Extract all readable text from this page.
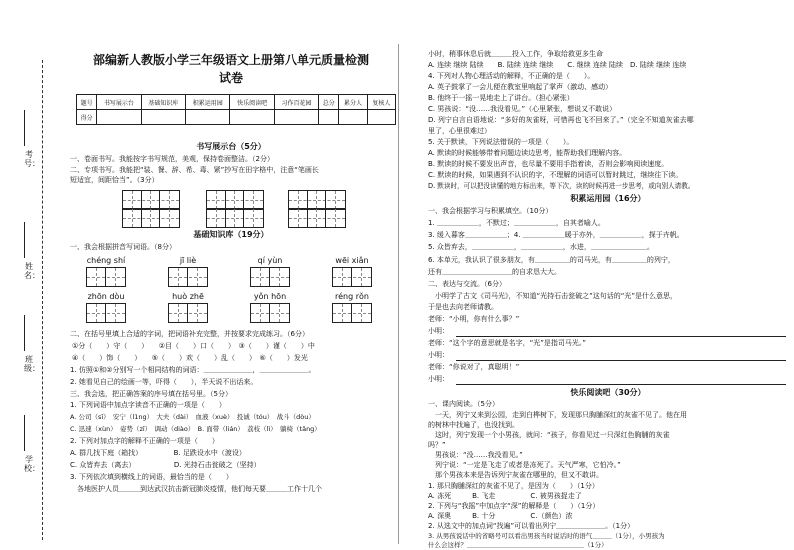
考号：
姓名：
班级：
学校：
部编新人教版小学三年级语文上册第八单元质量检测
试卷
题号	书写展示台	基础知识库	积累运用园	快乐阅读吧	习作百花园	总分	累分人	复核人
得分								
书写展示台（5分）
一、卷面书写。我能按字书写规范，美观，保持卷面整洁。（2分）
二、专项书写。我能把“装、餐、辞、希、毒、紧”抄写在田字格中，注意“笔画长
短适宜，间距恰当”。（3分）
基础知识库（19分）
一、我会根据拼音写词语。（8分）
chéng shí	jī liè	qí yùn	wēi xiǎn
zhōn dòu	huò zhē	yǒn hōn	réng rǒn
二、在括号里填上合适的字词，把词语补充完整，并按要求完成练习。（6分）
①分（　　）守（　　）　　②目（　　）口（　　）　③（　　）谨（　　）中
④（　　）饰（　　）　　⑤（　　）欢（　　）乱（　　）　⑥（　　）发光
1. 仿照①和②分别写一个相同结构的词语：＿＿＿＿＿＿＿，＿＿＿＿＿＿＿。
2. 她看见自己的绘画一等，吓得（　　），半天说不出话来。
三、我会选，把正确答案的序号填在括号里。（5分）
1. 下列词语中加点字读音不正确的一项是（　　）
A. 公司（sī）　安宁（l1ng）　大夫（dài）　血液（xuè）　投诚（tóu）　战斗（dòu）
C. 迅速（xùn）　姿势（zī）　调动（diào）　B. 面带（lián）　荔枝（lì）　躺椅（tǎng）
2. 下列对加点字的解释不正确的一项是（　　）
A. 群几找下庭（箱找）　　　　　B. 足跌设水中（渡设）
C. 众皆弃去（离去）　　　　　　D. 光持石击瓮破之（坚持）
3. 下列依次填到横线上的词语，最恰当的是（　　）
　各地医护人员＿＿＿到达武汉抗击新冠肺炎疫情，他们每天要＿＿＿工作十几个
小时，稍事休息后就＿＿＿投入工作，争取给救更多生命
A. 连续 继续 陆续　　B. 陆续 连续 继续　　C. 继续 连续 陆续　D. 陆续 继续 连续
4. 下列对人物心理活动的解释，不正确的是（　　）。
A. 英子鼓掌了一会儿便在教室里响起了掌声（激动、感动）
B. 他终于一摇一晃地走上了讲台。（担心紧张）
C. 男孩说：“没……我没看见。”（心里紧张，想说又不敢说）
D. 列宁自言自语地说：“多好的灰雀呀，可惜再也飞不回来了。”（完全不知道灰雀去哪
里了，心里很难过）
5. 关于默读，下列说法错误的一项是（　　）。
A. 默读的时候能够带着问题边读边思考，能帮助我们理解内容。
B. 默读的时候不要发出声音，也尽量不要用手指着读，否则会影响阅读速度。
C. 默读的时候，如果遇到不认识的字，不理解的词语可以暂时跳过，继续往下读。
D. 默读时，可以把没读懂的地方标出来，等下次，读的时候再进一步思考，或向别人请教。
积累运用园（16分）
一、我会根据学习与积累填空。（10分）
1. ＿＿＿＿＿＿，不默过；＿＿＿＿＿＿，自其者喻人。
3. 缓入暮客＿＿＿＿＿＿；4. ＿＿＿＿＿＿暖于亦外，＿＿＿＿＿＿，探于卉帆。
5. 众皆弃去，＿＿＿＿＿＿，＿＿＿＿＿＿，水进，＿＿＿＿＿＿＿＿。
6. 本单元，我认识了很多朋友，有＿＿＿＿＿的司马光，有＿＿＿＿＿的列宁，
还有＿＿＿＿＿＿＿＿＿＿的自求恳大大。
二、表达与交流。（6分）
　小明学了古文《司马光》，不知道“光持石击瓮破之”这句话的“光”是什么意思，
于是也去向老师请教。
老师：“小明，你有什么事？”
小明：
老师：“这个字的意思就是名字，“光”是指司马光。”
小明：
老师：“你说对了，真聪明！”
小明：
快乐阅读吧（30分）
一、课内阅读。（5分）
　一天，列宁又来到公园，走到白桦树下，发现那只胸脯深红的灰雀不见了。他在用
的树林中找遍了，也没找到。
　这时，列宁发现一个小男孩，就问：“孩子，你看见过一只深红色胸脯的灰雀
吗？”
　男孩说：“没……我没看见。”
　列宁说：“一定是飞走了或者是冻死了。天气严寒，它怕冷。”
　那个男孩本来是告诉列宁灰雀在哪里的，但又不敢讲。
1. 那只胸脯深红的灰雀不见了，是因为（　　）（1分）
A. 冻死　　　B. 飞走　　　　　C. 被男孩捉走了
2. 下列与“我摇”中加点字“深”的解释是（　　）（1分）
A. 深奥　　　B. 十分　　　　　C.（颜色）浓
2. 从选文中的加点词“找遍”可以看出列宁＿＿＿＿＿＿＿。（1分）
3. 从男孩说话中的省略号可以看出男孩当时说话时的语气＿＿＿（1分），小男孩为
什么会这样？＿＿＿＿＿＿＿＿＿＿＿＿＿＿＿＿＿＿（1分）
